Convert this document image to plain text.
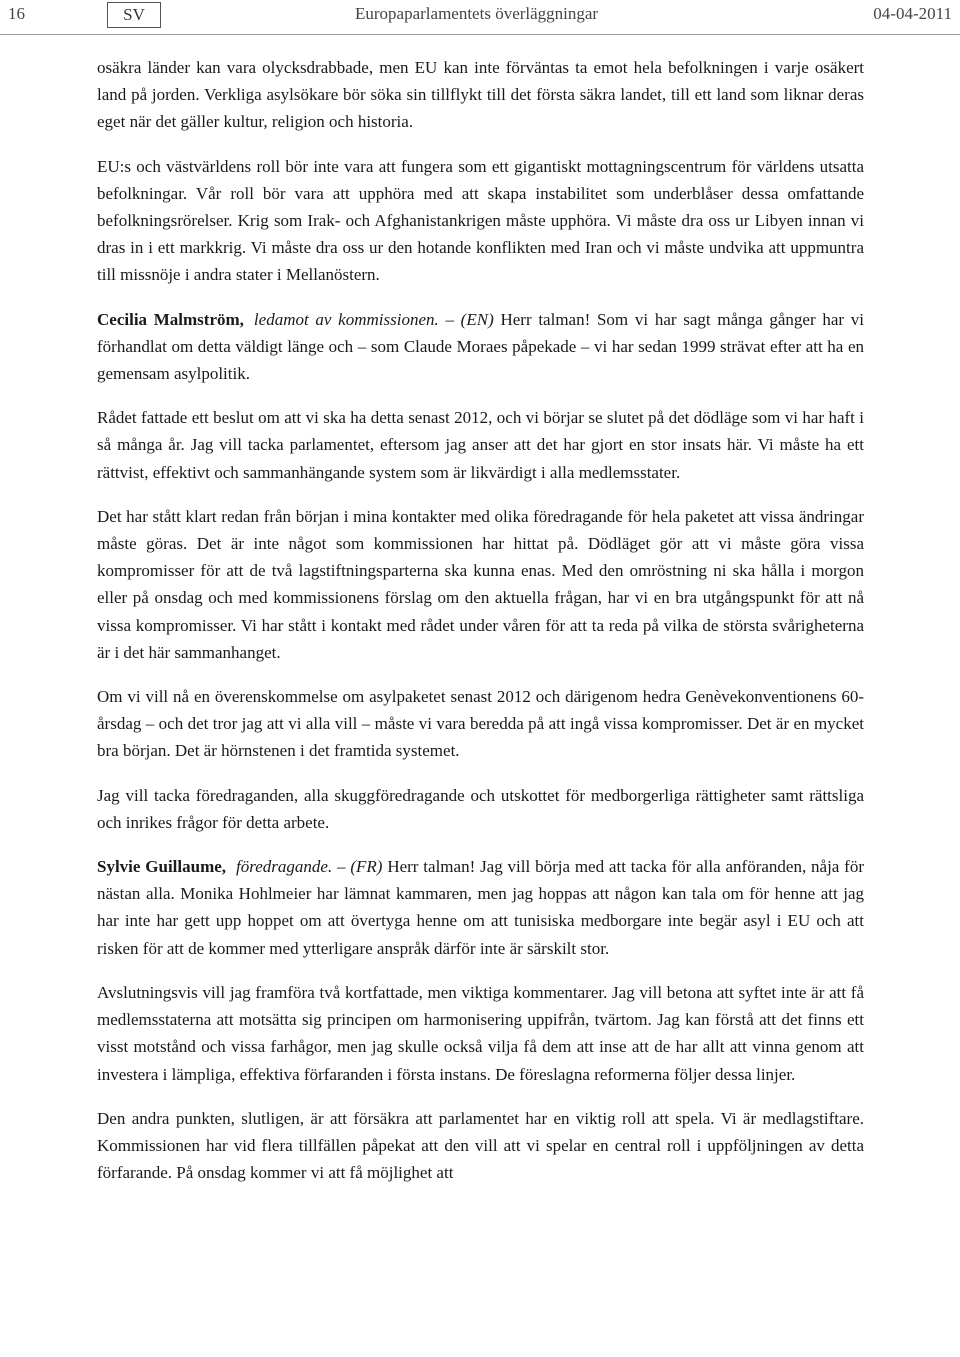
16	SV	Europaparlamentets överläggningar	04-04-2011

osäkra länder kan vara olycksdrabbade, men EU kan inte förväntas ta emot hela befolkningen i varje osäkert land på jorden. Verkliga asylsökare bör söka sin tillflykt till det första säkra landet, till ett land som liknar deras eget när det gäller kultur, religion och historia.

EU:s och västvärldens roll bör inte vara att fungera som ett gigantiskt mottagningscentrum för världens utsatta befolkningar. Vår roll bör vara att upphöra med att skapa instabilitet som underblåser dessa omfattande befolkningsrörelser. Krig som Irak- och Afghanistankrigen måste upphöra. Vi måste dra oss ur Libyen innan vi dras in i ett markkrig. Vi måste dra oss ur den hotande konflikten med Iran och vi måste undvika att uppmuntra till missnöje i andra stater i Mellanöstern.

Cecilia Malmström, ledamot av kommissionen. – (EN) Herr talman! Som vi har sagt många gånger har vi förhandlat om detta väldigt länge och – som Claude Moraes påpekade – vi har sedan 1999 strävat efter att ha en gemensam asylpolitik.

Rådet fattade ett beslut om att vi ska ha detta senast 2012, och vi börjar se slutet på det dödläge som vi har haft i så många år. Jag vill tacka parlamentet, eftersom jag anser att det har gjort en stor insats här. Vi måste ha ett rättvist, effektivt och sammanhängande system som är likvärdigt i alla medlemsstater.

Det har stått klart redan från början i mina kontakter med olika föredragande för hela paketet att vissa ändringar måste göras. Det är inte något som kommissionen har hittat på. Dödläget gör att vi måste göra vissa kompromisser för att de två lagstiftningsparterna ska kunna enas. Med den omröstning ni ska hålla i morgon eller på onsdag och med kommissionens förslag om den aktuella frågan, har vi en bra utgångspunkt för att nå vissa kompromisser. Vi har stått i kontakt med rådet under våren för att ta reda på vilka de största svårigheterna är i det här sammanhanget.

Om vi vill nå en överenskommelse om asylpaketet senast 2012 och därigenom hedra Genèvekonventionens 60-årsdag – och det tror jag att vi alla vill – måste vi vara beredda på att ingå vissa kompromisser. Det är en mycket bra början. Det är hörnstenen i det framtida systemet.

Jag vill tacka föredraganden, alla skuggföredragande och utskottet för medborgerliga rättigheter samt rättsliga och inrikes frågor för detta arbete.

Sylvie Guillaume, föredragande. – (FR) Herr talman! Jag vill börja med att tacka för alla anföranden, nåja för nästan alla. Monika Hohlmeier har lämnat kammaren, men jag hoppas att någon kan tala om för henne att jag har inte har gett upp hoppet om att övertyga henne om att tunisiska medborgare inte begär asyl i EU och att risken för att de kommer med ytterligare anspråk därför inte är särskilt stor.

Avslutningsvis vill jag framföra två kortfattade, men viktiga kommentarer. Jag vill betona att syftet inte är att få medlemsstaterna att motsätta sig principen om harmonisering uppifrån, tvärtom. Jag kan förstå att det finns ett visst motstånd och vissa farhågor, men jag skulle också vilja få dem att inse att de har allt att vinna genom att investera i lämpliga, effektiva förfaranden i första instans. De föreslagna reformerna följer dessa linjer.

Den andra punkten, slutligen, är att försäkra att parlamentet har en viktig roll att spela. Vi är medlagstiftare. Kommissionen har vid flera tillfällen påpekat att den vill att vi spelar en central roll i uppföljningen av detta förfarande. På onsdag kommer vi att få möjlighet att
